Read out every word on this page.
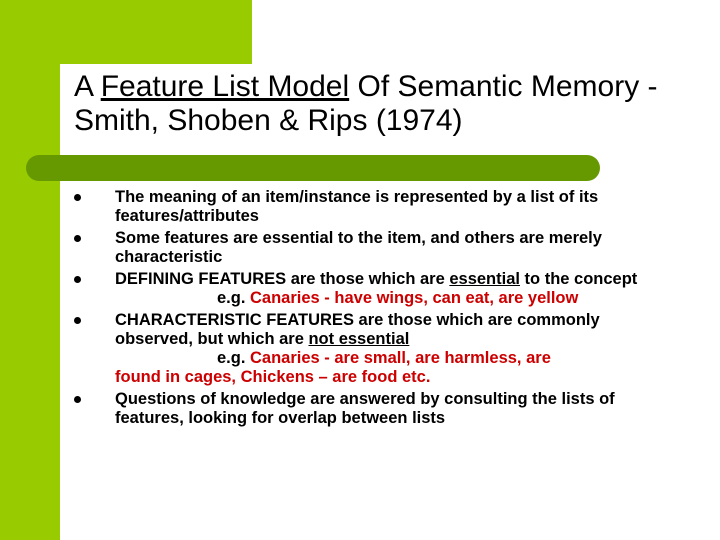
A Feature List Model Of Semantic Memory - Smith, Shoben & Rips (1974)
The meaning of an item/instance is represented by a list of its features/attributes
Some features are essential to the item, and others are merely characteristic
DEFINING FEATURES are those which are essential to the concept
e.g. Canaries - have wings, can eat, are yellow
CHARACTERISTIC FEATURES are those which are commonly observed, but which are not essential
e.g. Canaries - are small, are harmless, are
found in cages, Chickens – are food etc.
Questions of knowledge are answered by consulting the lists of features, looking for overlap between lists
